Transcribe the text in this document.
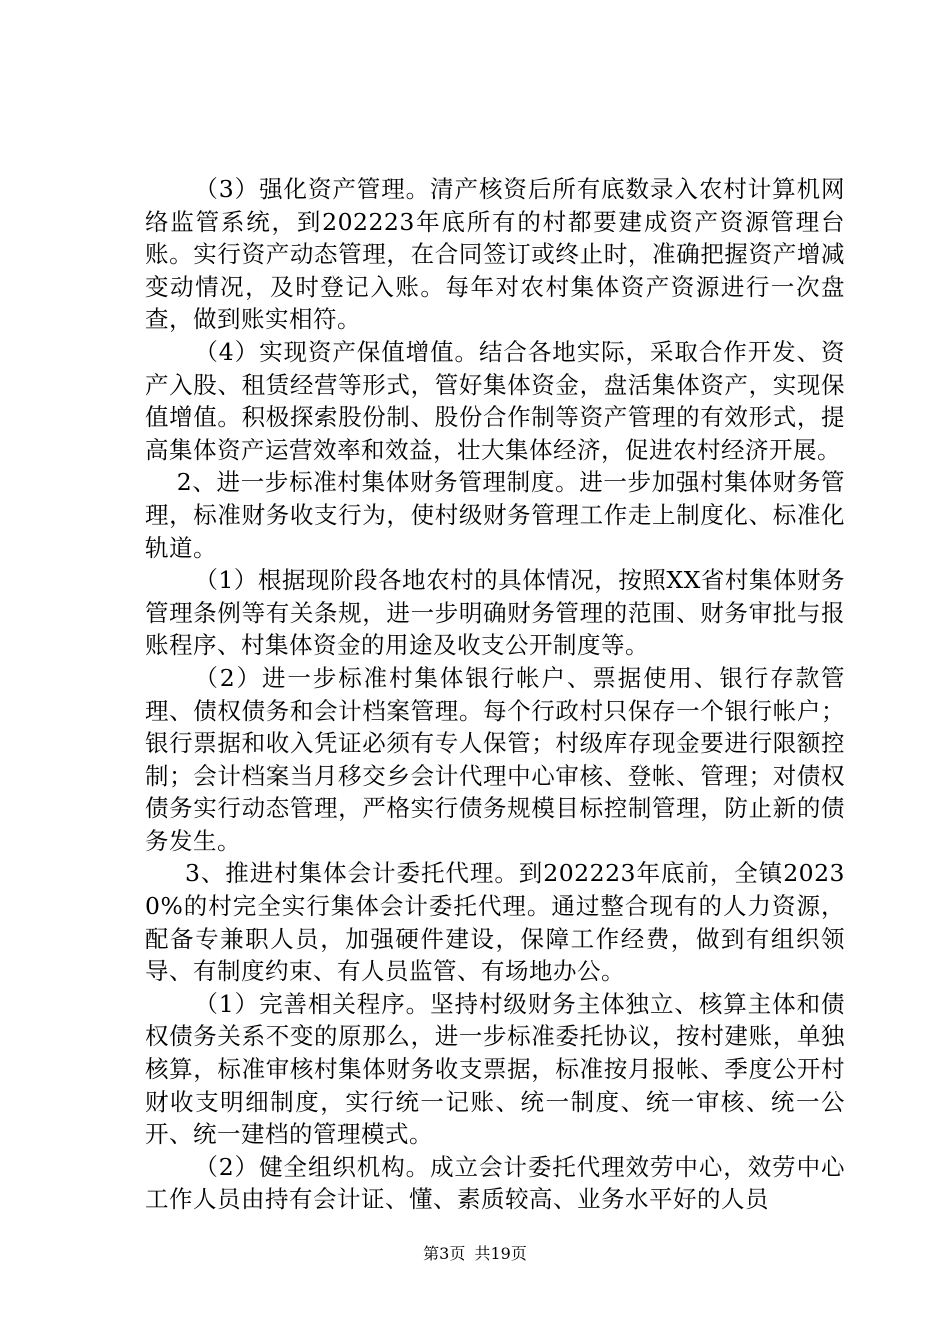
（3）强化资产管理。清产核资后所有底数录入农村计算机网络监管系统，到202223年底所有的村都要建成资产资源管理台账。实行资产动态管理，在合同签订或终止时，准确把握资产增减变动情况，及时登记入账。每年对农村集体资产资源进行一次盘查，做到账实相符。

（4）实现资产保值增值。结合各地实际，采取合作开发、资产入股、租赁经营等形式，管好集体资金，盘活集体资产，实现保值增值。积极探索股份制、股份合作制等资产管理的有效形式，提高集体资产运营效率和效益，壮大集体经济，促进农村经济开展。

2、进一步标准村集体财务管理制度。进一步加强村集体财务管理，标准财务收支行为，使村级财务管理工作走上制度化、标准化轨道。

（1）根据现阶段各地农村的具体情况，按照XX省村集体财务管理条例等有关条规，进一步明确财务管理的范围、财务审批与报账程序、村集体资金的用途及收支公开制度等。

（2）进一步标准村集体银行帐户、票据使用、银行存款管理、债权债务和会计档案管理。每个行政村只保存一个银行帐户；银行票据和收入凭证必须有专人保管；村级库存现金要进行限额控制；会计档案当月移交乡会计代理中心审核、登帐、管理；对债权债务实行动态管理，严格实行债务规模目标控制管理，防止新的债务发生。

3、推进村集体会计委托代理。到202223年底前，全镇20230%的村完全实行集体会计委托代理。通过整合现有的人力资源，配备专兼职人员，加强硬件建设，保障工作经费，做到有组织领导、有制度约束、有人员监管、有场地办公。

（1）完善相关程序。坚持村级财务主体独立、核算主体和债权债务关系不变的原那么，进一步标准委托协议，按村建账，单独核算，标准审核村集体财务收支票据，标准按月报帐、季度公开村财收支明细制度，实行统一记账、统一制度、统一审核、统一公开、统一建档的管理模式。

（2）健全组织机构。成立会计委托代理效劳中心，效劳中心工作人员由持有会计证、懂、素质较高、业务水平好的人员

第3页 共19页
